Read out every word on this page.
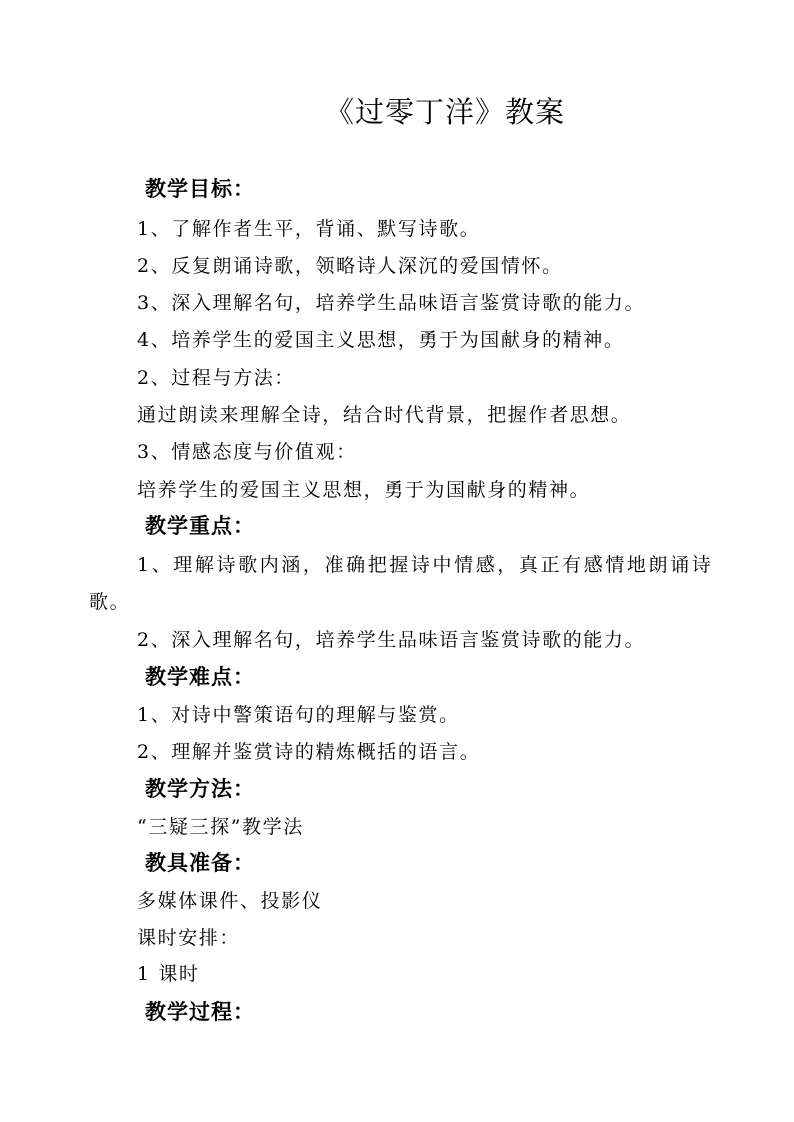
《过零丁洋》教案
教学目标：
1、了解作者生平，背诵、默写诗歌。
2、反复朗诵诗歌，领略诗人深沉的爱国情怀。
3、深入理解名句，培养学生品味语言鉴赏诗歌的能力。
4、培养学生的爱国主义思想，勇于为国献身的精神。
2、过程与方法：
通过朗读来理解全诗，结合时代背景，把握作者思想。
3、情感态度与价值观：
培养学生的爱国主义思想，勇于为国献身的精神。
教学重点：
1、理解诗歌内涵，准确把握诗中情感，真正有感情地朗诵诗
歌。
2、深入理解名句，培养学生品味语言鉴赏诗歌的能力。
教学难点：
1、对诗中警策语句的理解与鉴赏。
2、理解并鉴赏诗的精炼概括的语言。
教学方法：
“三疑三探”教学法
教具准备：
多媒体课件、投影仪
课时安排：
1 课时
教学过程：
